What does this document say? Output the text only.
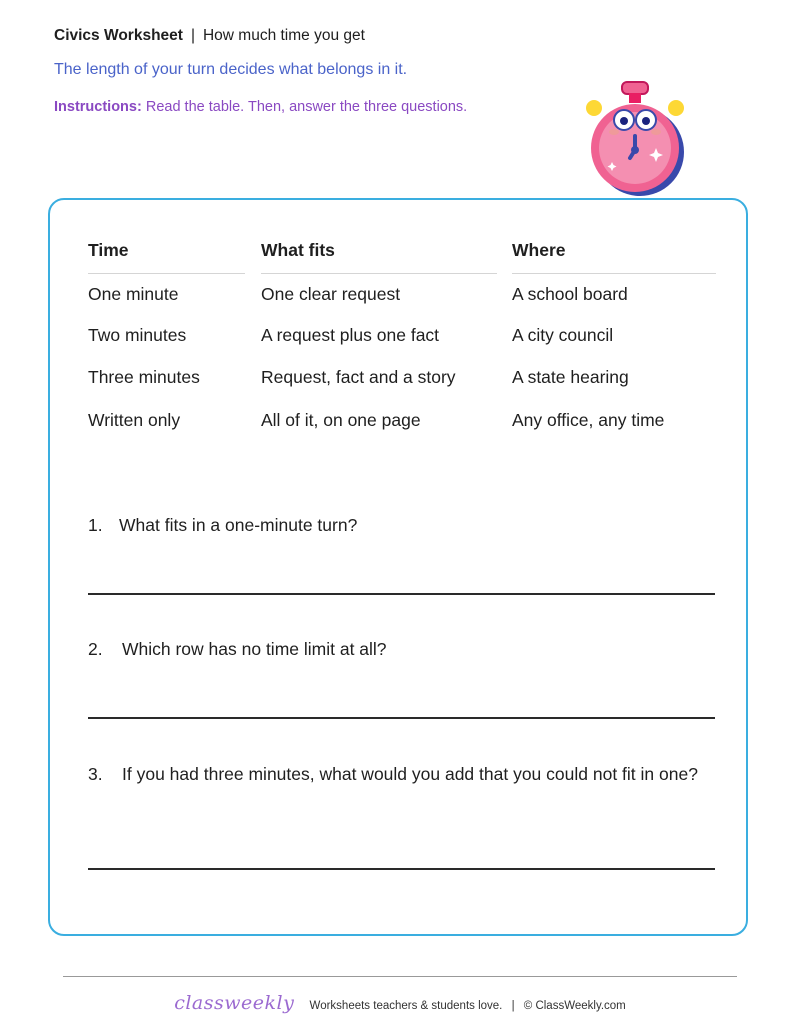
Civics Worksheet | How much time you get
The length of your turn decides what belongs in it.
Instructions: Read the table. Then, answer the three questions.
Time	What fits	Where
One minute	One clear request	A school board
Two minutes	A request plus one fact	A city council
Three minutes	Request, fact and a story	A state hearing
Written only	All of it, on one page	Any office, any time
1. What fits in a one-minute turn?
2. Which row has no time limit at all?
3. If you had three minutes, what would you add that you could not fit in one?
classweekly Worksheets teachers & students love. | © ClassWeekly.com
